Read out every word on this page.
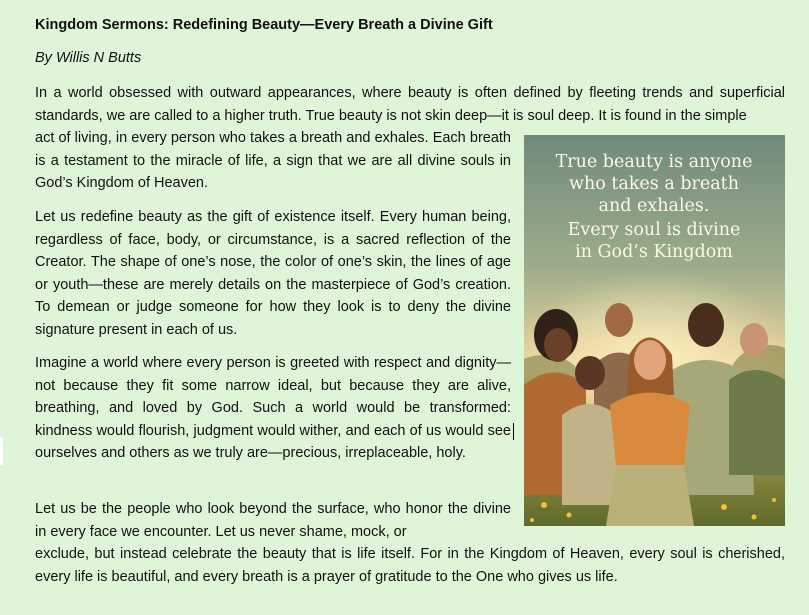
Kingdom Sermons: Redefining Beauty—Every Breath a Divine Gift
By Willis N Butts
In a world obsessed with outward appearances, where beauty is often defined by fleeting trends and superficial standards, we are called to a higher truth. True beauty is not skin deep—it is soul deep. It is found in the simple
act of living, in every person who takes a breath and exhales. Each breath is a testament to the miracle of life, a sign that we are all divine souls in God’s Kingdom of Heaven.

Let us redefine beauty as the gift of existence itself. Every human being, regardless of face, body, or circumstance, is a sacred reflection of the Creator. The shape of one’s nose, the color of one’s skin, the lines of age or youth—these are merely details on the masterpiece of God’s creation. To demean or judge someone for how they look is to deny the divine signature present in each of us.

Imagine a world where every person is greeted with respect and dignity—not because they fit some narrow ideal, but because they are alive, breathing, and loved by God. Such a world would be transformed: kindness would flourish, judgment would wither, and each of us would see ourselves and others as we truly are—precious, irreplaceable, holy.

Let us be the people who look beyond the surface, who honor the divine in every face we encounter. Let us never shame, mock, or
exclude, but instead celebrate the beauty that is life itself. For in the Kingdom of Heaven, every soul is cherished, every life is beautiful, and every breath is a prayer of gratitude to the One who gives us life.
True beauty is anyone
who takes a breath
and exhales.
Every soul is divine
in God’s Kingdom
